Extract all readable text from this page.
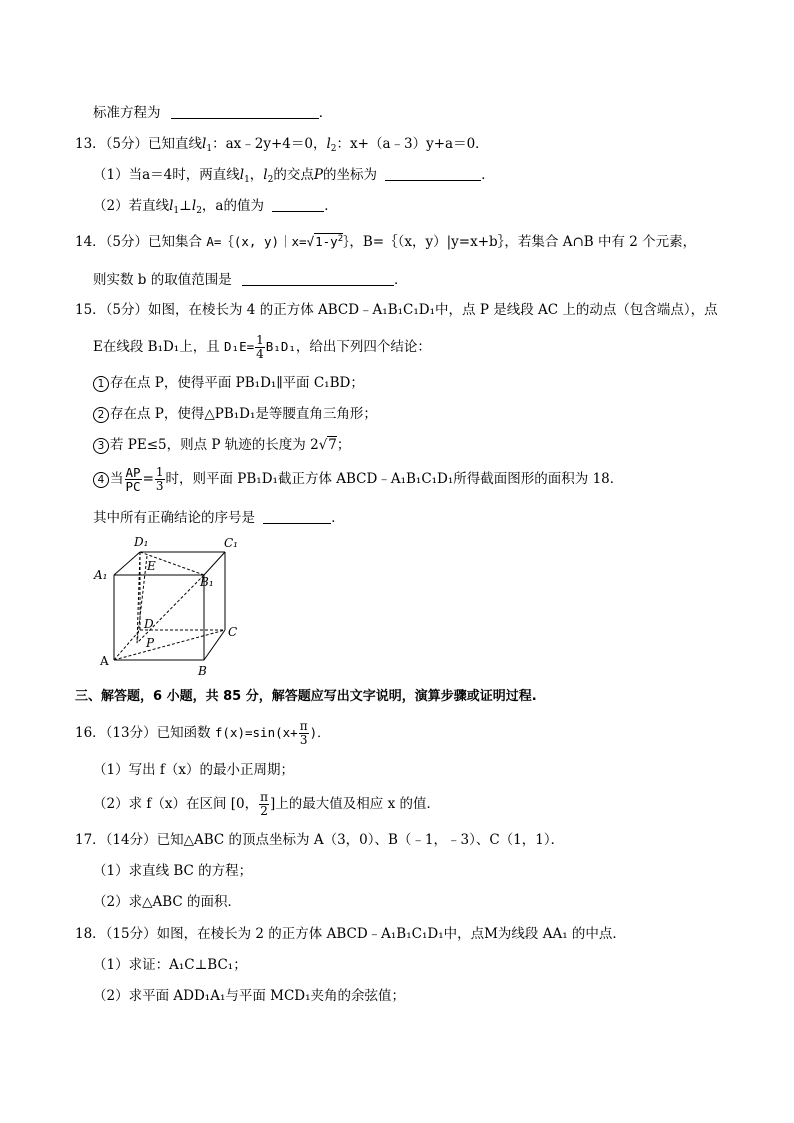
标准方程为	．
13．（5分）已知直线$l_1$：ax﹣2y+4＝0，$l_2$：x+（a﹣3）y+a＝0．
（1）当a＝4时，两直线$l_1$，$l_2$的交点P的坐标为	．
（2）若直线$l_1\perp l_2$，a的值为	．
14．（5分）已知集合 A=｛(x, $y)|x=√1-y^2\}$，B=｛（x，y）|y=x+b｝，若集合 A∩B 中有 2 个元素，
则实数 b 的取值范围是	．
15．（5分）如图，在棱长为 4 的正方体 ABCD﹣A₁B₁C₁D₁中，点 P 是线段 AC 上的动点（包含端点），点
E在线段 B₁D₁上，且 $D_1E= \frac{1}{4} B_1D_1$，给出下列四个结论：
1 存在点 P，使得平面 PB₁D₁∥平面 C₁BD；
2 存在点 P，使得△PB₁D₁是等腰直角三角形；
3 若 PE≤5，则点 P 轨迹的长度为 2√7；
4 当 $\frac{AP}{PC} = \frac{1}{3}$ 时，则平面 PB₁D₁截正方体 ABCD﹣A₁B₁C₁D₁所得截面图形的面积为 18．
其中所有正确结论的序号是	．
D₁	C₁
A₁	B₁
E
D
C
P
A
B
三、解答题，6 小题，共 85 分，解答题应写出文字说明，演算步骤或证明过程.
16．（13分）已知函数 $f(x)=\sin(x+ \frac{\pi}{3}$ )．
（1）写出 f（x）的最小正周期；
（2）求 f（x）在区间 [0， $\frac{\pi}{2}$ ]上的最大值及相应 x 的值．
17．（14分）已知△ABC 的顶点坐标为 A（3，0）、B（﹣1，﹣3）、C（1，1）．
（1）求直线 BC 的方程；
（2）求△ABC 的面积．
18．（15分）如图，在棱长为 2 的正方体 ABCD﹣A₁B₁C₁D₁中，点M为线段 AA₁ 的中点．
（1）求证：A₁C⊥BC₁；
（2）求平面 ADD₁A₁与平面 MCD₁夹角的余弦值；
